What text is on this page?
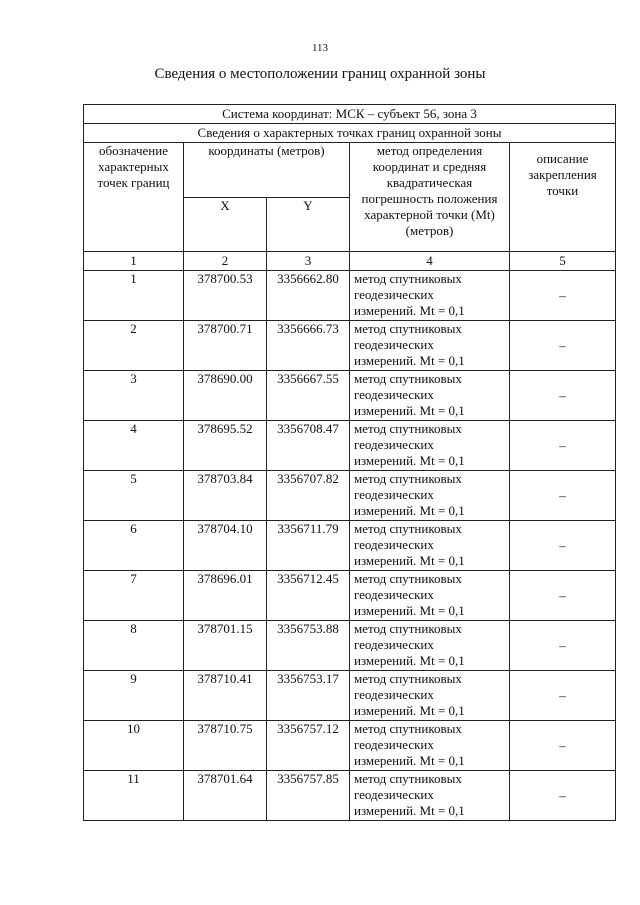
113
Сведения о местоположении границ охранной зоны
Система координат: МСК – субъект 56, зона 3				
Сведения о характерных точках границ охранной зоны				
обозначение характерных точек границ	координаты (метров)		метод определения координат и средняя квадратическая погрешность положения характерной точки (Mt) (метров)	описание закрепления точки
	X	Y		
1	2	3	4	5
1	378700.53	3356662.80	метод спутниковых
геодезических
измерений. Mt = 0,1	–
2	378700.71	3356666.73	метод спутниковых
геодезических
измерений. Mt = 0,1	–
3	378690.00	3356667.55	метод спутниковых
геодезических
измерений. Mt = 0,1	–
4	378695.52	3356708.47	метод спутниковых
геодезических
измерений. Mt = 0,1	–
5	378703.84	3356707.82	метод спутниковых
геодезических
измерений. Mt = 0,1	–
6	378704.10	3356711.79	метод спутниковых
геодезических
измерений. Mt = 0,1	–
7	378696.01	3356712.45	метод спутниковых
геодезических
измерений. Mt = 0,1	–
8	378701.15	3356753.88	метод спутниковых
геодезических
измерений. Mt = 0,1	–
9	378710.41	3356753.17	метод спутниковых
геодезических
измерений. Mt = 0,1	–
10	378710.75	3356757.12	метод спутниковых
геодезических
измерений. Mt = 0,1	–
11	378701.64	3356757.85	метод спутниковых
геодезических
измерений. Mt = 0,1	–
